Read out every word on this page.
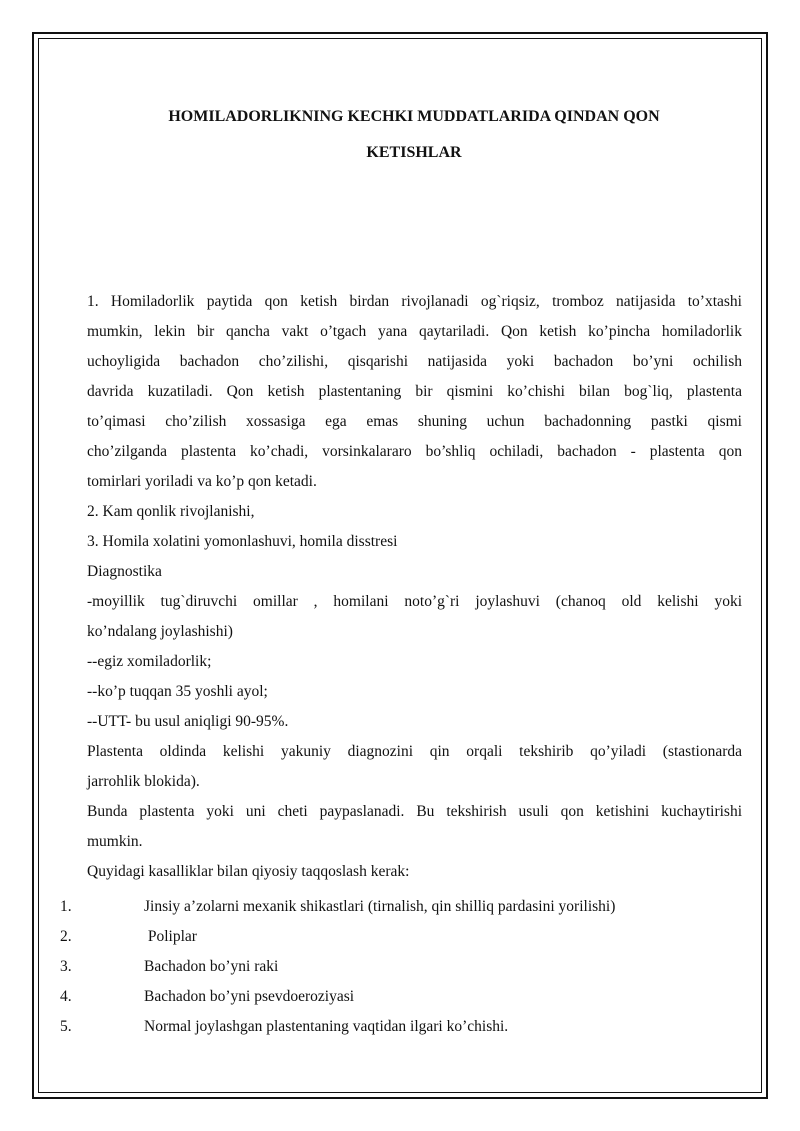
HOMILADORLIKNING KECHKI MUDDATLARIDA QINDAN QON
KETISHLAR

1. Homiladorlik paytida qon ketish birdan rivojlanadi og`riqsiz, tromboz natijasida to’xtashi

mumkin, lekin bir qancha vakt o’tgach yana qaytariladi. Qon ketish ko’pincha homiladorlik

uchoyligida bachadon cho’zilishi, qisqarishi natijasida yoki bachadon bo’yni ochilish

davrida kuzatiladi. Qon ketish plastentaning bir qismini ko’chishi bilan bog`liq, plastenta

to’qimasi cho’zilish xossasiga ega emas shuning uchun bachadonning pastki qismi

cho’zilganda plastenta ko’chadi, vorsinkalararo bo’shliq ochiladi, bachadon - plastenta qon

tomirlari yoriladi va ko’p qon ketadi.

2. Kam qonlik rivojlanishi,

3. Homila xolatini yomonlashuvi, homila disstresi

Diagnostika

-moyillik tug`diruvchi omillar , homilani noto’g`ri joylashuvi (chanoq old kelishi yoki

ko’ndalang joylashishi)

--egiz xomiladorlik;

--ko’p tuqqan 35 yoshli ayol;

--UTT- bu usul aniqligi 90-95%.

Plastenta oldinda kelishi yakuniy diagnozini qin orqali tekshirib qo’yiladi (stastionarda

jarrohlik blokida).

Bunda plastenta yoki uni cheti paypaslanadi. Bu tekshirish usuli qon ketishini kuchaytirishi

mumkin.

Quyidagi kasalliklar bilan qiyosiy taqqoslash kerak:

1.	Jinsiy a’zolarni mexanik shikastlari (tirnalish, qin shilliq pardasini yorilishi)
2.	Poliplar
3.	Bachadon bo’yni raki
4.	Bachadon bo’yni psevdoeroziyasi
5.	Normal joylashgan plastentaning vaqtidan ilgari ko’chishi.
